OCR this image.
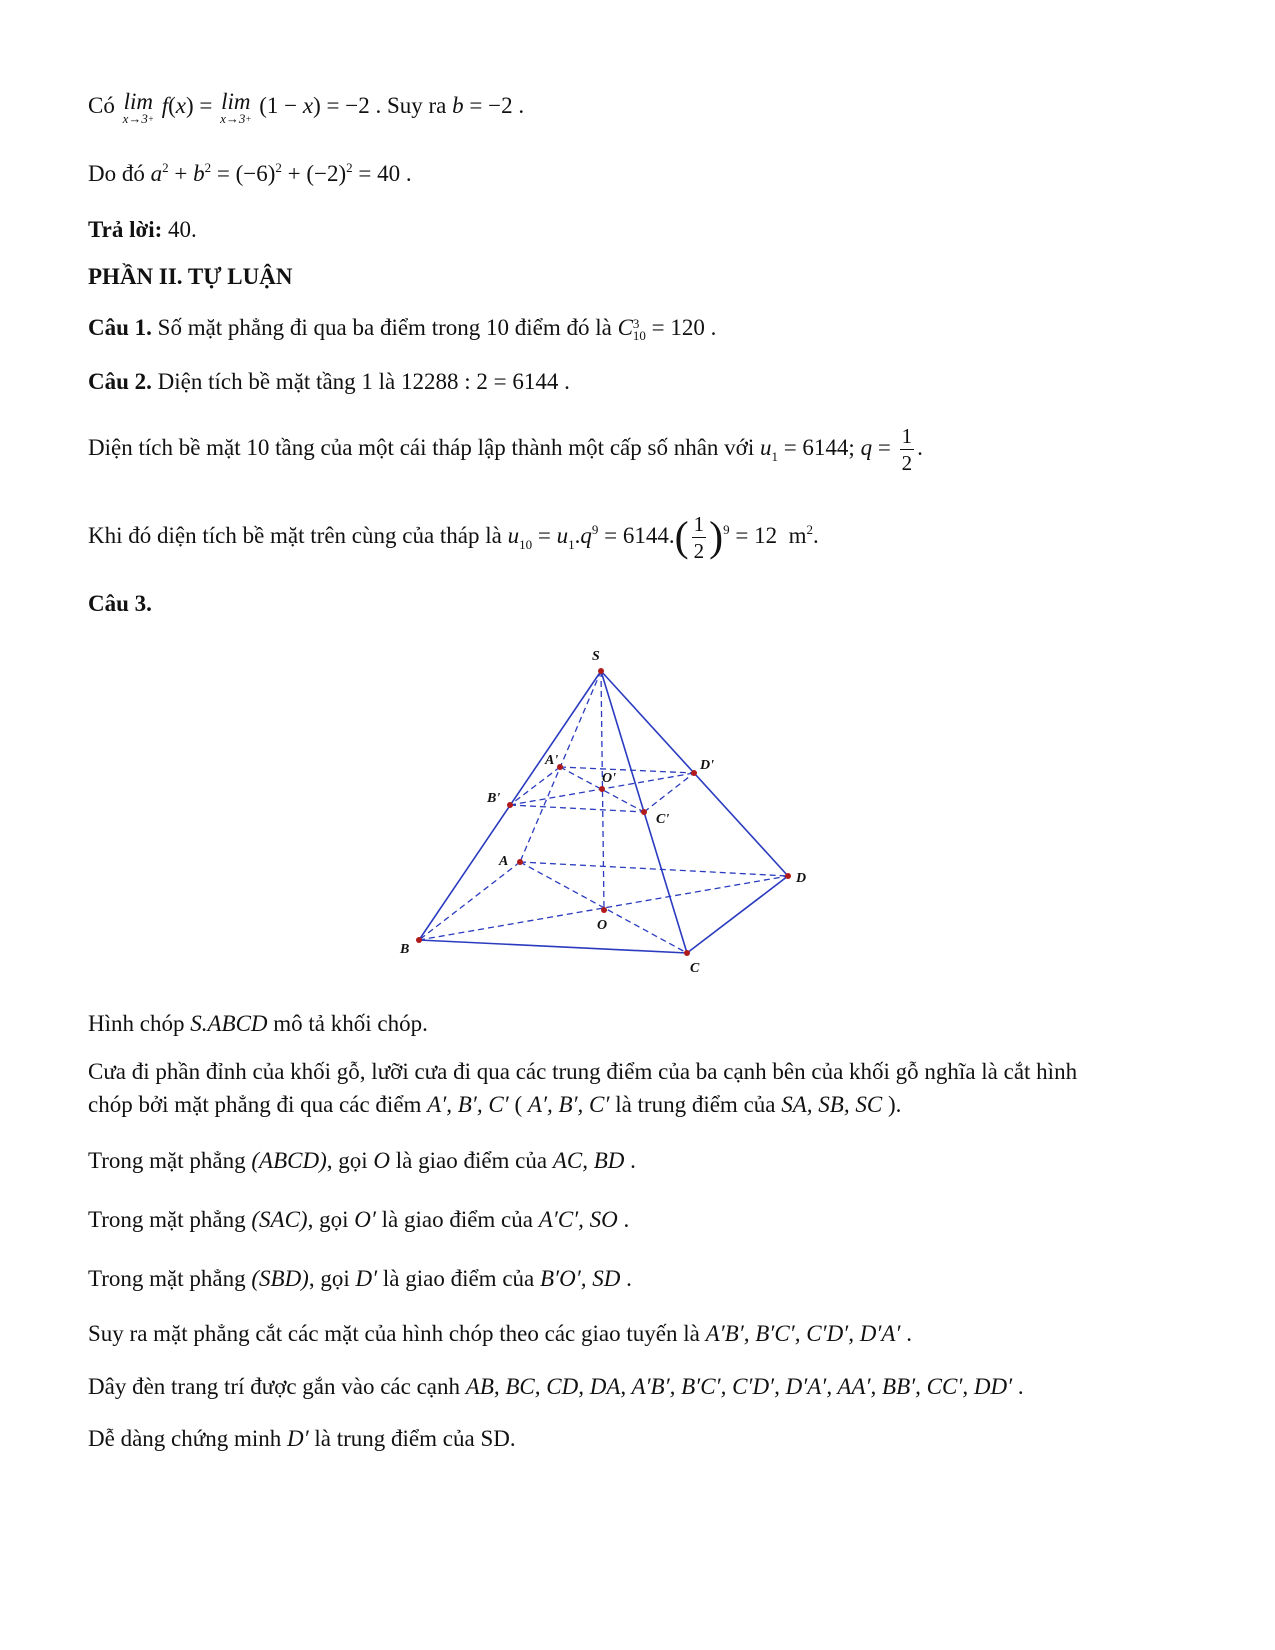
Có lim
x→3+
f(x) = lim
x→3+
(1 − x) = −2 . Suy ra b = −2 .
Do đó $a^2 + b^2 = (-6)^2 + (-2)^2 = 40$ .
Trả lời: 40.
PHẦN II. TỰ LUẬN
Câu 1. Số mặt phẳng đi qua ba điểm trong 10 điểm đó là C 3
10 = 120 .
Câu 2. Diện tích bề mặt tầng 1 là 12288 : 2 = 6144 .
Diện tích bề mặt 10 tầng của một cái tháp lập thành một cấp số nhân với $u_1 = 6144$; $q = \frac{1}{2}$ .
Khi đó diện tích bề mặt trên cùng của tháp là $u_{10} = u_1.q^9 = 6144.( \frac{1}{2} )^9 = 12$  $m^2$.
Câu 3.
S
A'
O'
D'
B'
C'
A
D
O
B
C
Hình chóp S.ABCD mô tả khối chóp.
Cưa đi phần đỉnh của khối gỗ, lưỡi cưa đi qua các trung điểm của ba cạnh bên của khối gỗ nghĩa là cắt hình
chóp bởi mặt phẳng đi qua các điểm A′, B′, C′ ( A′, B′, C′ là trung điểm của SA, SB, SC ).
Trong mặt phẳng (ABCD), gọi O là giao điểm của AC, BD .
Trong mặt phẳng (SAC), gọi O′ là giao điểm của A′C′, SO .
Trong mặt phẳng (SBD), gọi D′ là giao điểm của B′O′, SD .
Suy ra mặt phẳng cắt các mặt của hình chóp theo các giao tuyến là A′B′, B′C′, C′D′, D′A′ .
Dây đèn trang trí được gắn vào các cạnh AB, BC, CD, DA, A′B′, B′C′, C′D′, D′A′, AA′, BB′, CC′, DD′ .
Dễ dàng chứng minh D′ là trung điểm của SD.
